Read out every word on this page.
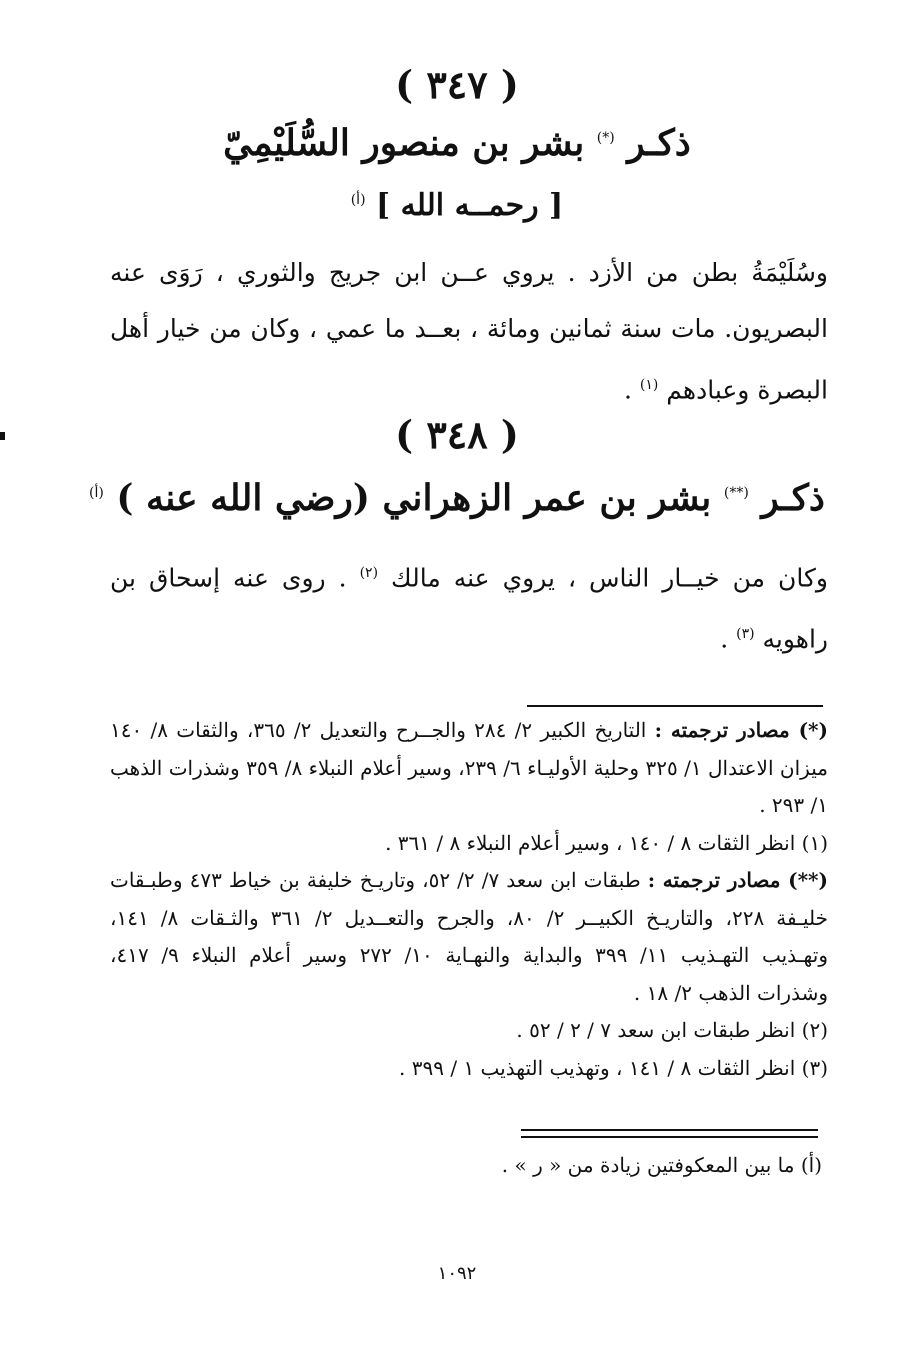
( ٣٤٧ )
ذكـر (*) بشر بن منصور السُّلَيْمِيّ
[ رحمــه الله ] $^{(أ)}$
وسُلَيْمَةُ بطن من الأزد . يروي عــن ابن جريج والثوري ، رَوَى عنه البصريون. مات سنة ثمانين ومائة ، بعــد ما عمي ، وكان من خيار أهل البصرة وعبادهم $^{(١)}$ .
( ٣٤٨ )
ذكـر (**) بشر بن عمر الزهراني (رضي الله عنه ) $^{(أ)}$
وكان من خيــار الناس ، يروي عنه مالك $^{(٢)}$ . روى عنه إسحاق بن راهويه $^{(٣)}$ .
(*) مصادر ترجمته : التاريخ الكبير ٢/ ٢٨٤ والجــرح والتعديل ٢/ ٣٦٥، والثقات ٨/ ١٤٠ ميزان الاعتدال ١/ ٣٢٥ وحلية الأوليـاء ٦/ ٢٣٩، وسير أعلام النبلاء ٨/ ٣٥٩ وشذرات الذهب ١/ ٢٩٣ .
(١) انظر الثقات ٨ / ١٤٠ ، وسير أعلام النبلاء ٨ / ٣٦١ .
(**) مصادر ترجمته : طبقات ابن سعد ٧/ ٢/ ٥٢، وتاريـخ خليفة بن خياط ٤٧٣ وطبـقات خليـفة ٢٢٨، والتاريـخ الكبيــر ٢/ ٨٠، والجرح والتعــديل ٢/ ٣٦١ والثـقات ٨/ ١٤١، وتهـذيب التهـذيب ١١/ ٣٩٩ والبداية والنهـاية ١٠/ ٢٧٢ وسير أعلام النبلاء ٩/ ٤١٧، وشذرات الذهب ٢/ ١٨ .
(٢) انظر طبقات ابن سعد ٧ / ٢ / ٥٢ .
(٣) انظر الثقات ٨ / ١٤١ ، وتهذيب التهذيب ١ / ٣٩٩ .
(أ) ما بين المعكوفتين زيادة من « ر » .
١٠٩٢
